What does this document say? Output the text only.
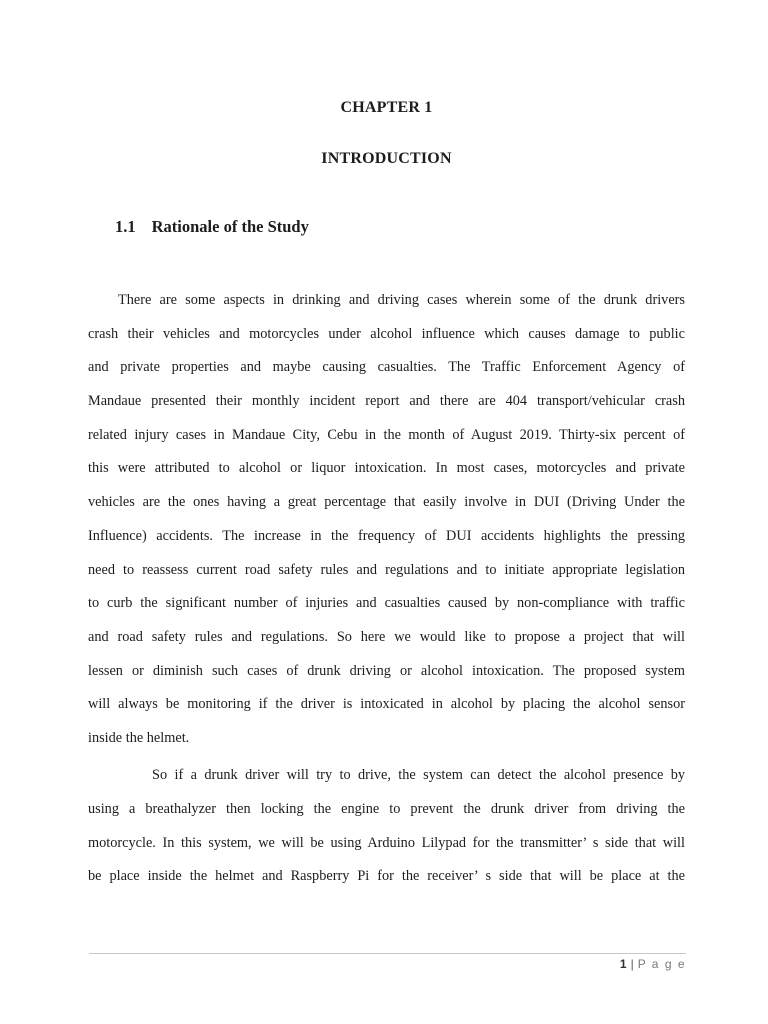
CHAPTER 1
INTRODUCTION
1.1 Rationale of the Study
There are some aspects in drinking and driving cases wherein some of the drunk drivers
crash their vehicles and motorcycles under alcohol influence which causes damage to public
and private properties and maybe causing casualties. The Traffic Enforcement Agency of
Mandaue presented their monthly incident report and there are 404 transport/vehicular crash
related injury cases in Mandaue City, Cebu in the month of August 2019. Thirty-six percent of
this were attributed to alcohol or liquor intoxication. In most cases, motorcycles and private
vehicles are the ones having a great percentage that easily involve in DUI (Driving Under the
Influence) accidents. The increase in the frequency of DUI accidents highlights the pressing
need to reassess current road safety rules and regulations and to initiate appropriate legislation
to curb the significant number of injuries and casualties caused by non-compliance with traffic
and road safety rules and regulations. So here we would like to propose a project that will
lessen or diminish such cases of drunk driving or alcohol intoxication. The proposed system
will always be monitoring if the driver is intoxicated in alcohol by placing the alcohol sensor
inside the helmet.
So if a drunk driver will try to drive, the system can detect the alcohol presence by
using a breathalyzer then locking the engine to prevent the drunk driver from driving the
motorcycle. In this system, we will be using Arduino Lilypad for the transmitter’ s side that will
be place inside the helmet and Raspberry Pi for the receiver’ s side that will be place at the
1 | P a g e
